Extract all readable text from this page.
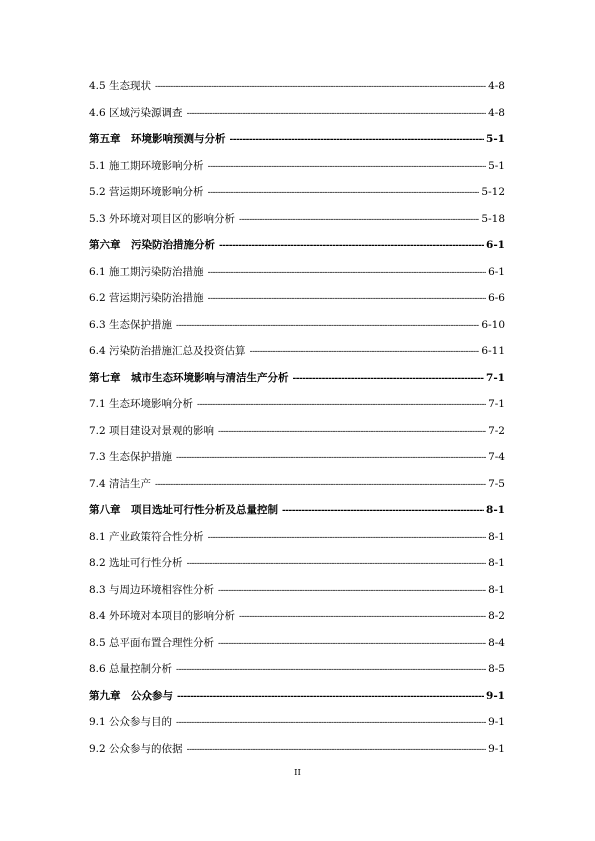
4.5 生态现状 -----	4-8
4.6 区域污染源调查 -----	4-8
第五章　环境影响预测与分析 -----	5-1
5.1 施工期环境影响分析 -----	5-1
5.2 营运期环境影响分析 -----	5-12
5.3 外环境对项目区的影响分析 -----	5-18
第六章　污染防治措施分析 -----	6-1
6.1 施工期污染防治措施 -----	6-1
6.2 营运期污染防治措施 -----	6-6
6.3 生态保护措施 -----	6-10
6.4 污染防治措施汇总及投资估算 -----	6-11
第七章　城市生态环境影响与清洁生产分析 -----	7-1
7.1 生态环境影响分析 -----	7-1
7.2 项目建设对景观的影响 -----	7-2
7.3 生态保护措施 -----	7-4
7.4 清洁生产 -----	7-5
第八章　项目选址可行性分析及总量控制 -----	8-1
8.1 产业政策符合性分析 -----	8-1
8.2 选址可行性分析 -----	8-1
8.3 与周边环境相容性分析 -----	8-1
8.4 外环境对本项目的影响分析 -----	8-2
8.5 总平面布置合理性分析 -----	8-4
8.6 总量控制分析 -----	8-5
第九章　公众参与 -----	9-1
9.1 公众参与目的 -----	9-1
9.2 公众参与的依据 -----	9-1
II
